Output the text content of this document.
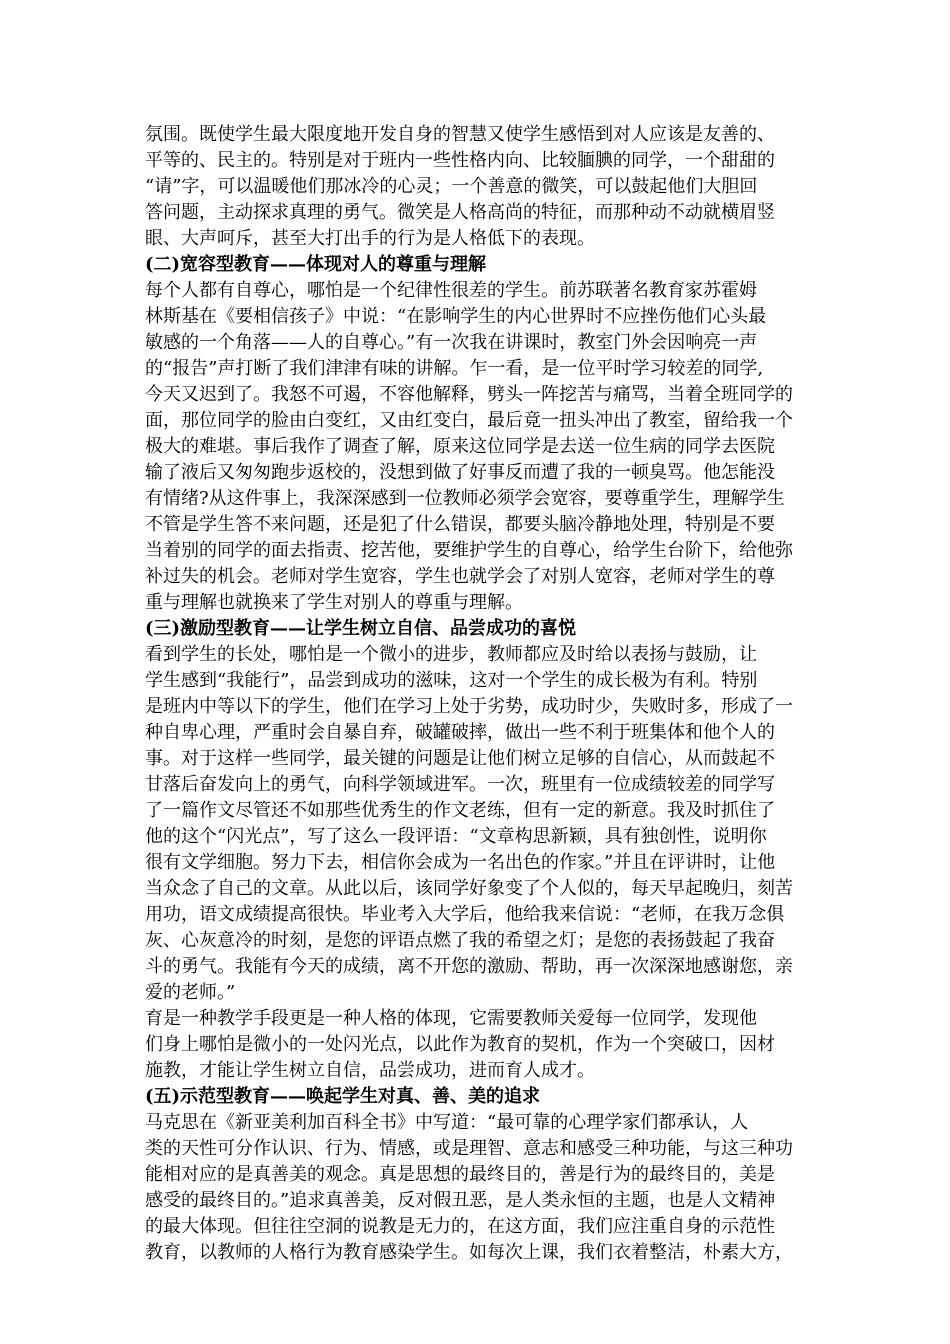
氛围。既使学生最大限度地开发自身的智慧又使学生感悟到对人应该是友善的、
平等的、民主的。特别是对于班内一些性格内向、比较腼腆的同学，一个甜甜的
“请”字，可以温暖他们那冰冷的心灵；一个善意的微笑，可以鼓起他们大胆回
答问题，主动探求真理的勇气。微笑是人格高尚的特征，而那种动不动就横眉竖
眼、大声呵斥，甚至大打出手的行为是人格低下的表现。

(二)宽容型教育——体现对人的尊重与理解

每个人都有自尊心，哪怕是一个纪律性很差的学生。前苏联著名教育家苏霍姆
林斯基在《要相信孩子》中说：“在影响学生的内心世界时不应挫伤他们心头最
敏感的一个角落——人的自尊心。”有一次我在讲课时，教室门外会因响亮一声
的“报告”声打断了我们津津有味的讲解。乍一看，是一位平时学习较差的同学,
今天又迟到了。我怒不可遏，不容他解释，劈头一阵挖苦与痛骂，当着全班同学的
面，那位同学的脸由白变红，又由红变白，最后竟一扭头冲出了教室，留给我一个
极大的难堪。事后我作了调查了解，原来这位同学是去送一位生病的同学去医院
输了液后又匆匆跑步返校的，没想到做了好事反而遭了我的一顿臭骂。他怎能没
有情绪?从这件事上，我深深感到一位教师必须学会宽容，要尊重学生，理解学生
不管是学生答不来问题，还是犯了什么错误，都要头脑冷静地处理，特别是不要
当着别的同学的面去指责、挖苦他，要维护学生的自尊心，给学生台阶下，给他弥
补过失的机会。老师对学生宽容，学生也就学会了对别人宽容，老师对学生的尊
重与理解也就换来了学生对别人的尊重与理解。

(三)激励型教育——让学生树立自信、品尝成功的喜悦

看到学生的长处，哪怕是一个微小的进步，教师都应及时给以表扬与鼓励，让
学生感到“我能行”，品尝到成功的滋味，这对一个学生的成长极为有利。特别
是班内中等以下的学生，他们在学习上处于劣势，成功时少，失败时多，形成了一
种自卑心理，严重时会自暴自弃，破罐破摔，做出一些不利于班集体和他个人的
事。对于这样一些同学，最关键的问题是让他们树立足够的自信心，从而鼓起不
甘落后奋发向上的勇气，向科学领域进军。一次，班里有一位成绩较差的同学写
了一篇作文尽管还不如那些优秀生的作文老练，但有一定的新意。我及时抓住了
他的这个“闪光点”，写了这么一段评语：“文章构思新颖，具有独创性，说明你
很有文学细胞。努力下去，相信你会成为一名出色的作家。”并且在评讲时，让他
当众念了自己的文章。从此以后，该同学好象变了个人似的，每天早起晚归，刻苦
用功，语文成绩提高很快。毕业考入大学后，他给我来信说：“老师，在我万念俱
灰、心灰意冷的时刻，是您的评语点燃了我的希望之灯；是您的表扬鼓起了我奋
斗的勇气。我能有今天的成绩，离不开您的激励、帮助，再一次深深地感谢您，亲
爱的老师。”

育是一种教学手段更是一种人格的体现，它需要教师关爱每一位同学，发现他
们身上哪怕是微小的一处闪光点，以此作为教育的契机，作为一个突破口，因材
施教，才能让学生树立自信，品尝成功，进而育人成才。

(五)示范型教育——唤起学生对真、善、美的追求

马克思在《新亚美利加百科全书》中写道：“最可靠的心理学家们都承认，人
类的天性可分作认识、行为、情感，或是理智、意志和感受三种功能，与这三种功
能相对应的是真善美的观念。真是思想的最终目的，善是行为的最终目的，美是
感受的最终目的。”追求真善美，反对假丑恶，是人类永恒的主题，也是人文精神
的最大体现。但往往空洞的说教是无力的，在这方面，我们应注重自身的示范性
教育，以教师的人格行为教育感染学生。如每次上课，我们衣着整洁，朴素大方，
